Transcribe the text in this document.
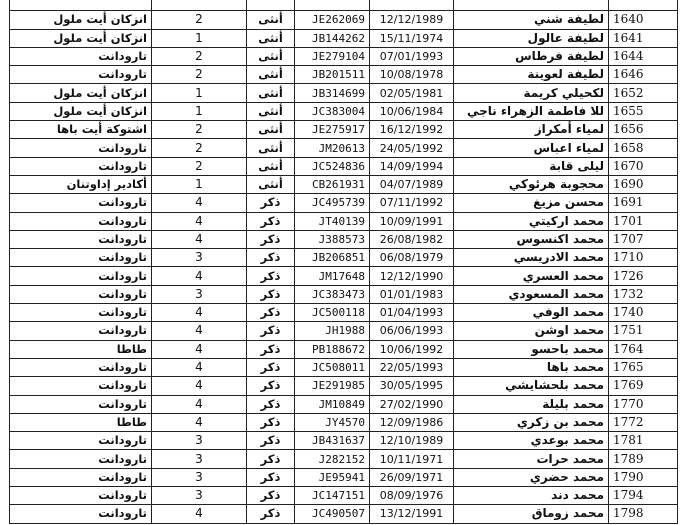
انزكان أيت ملول	2	أنثى	JE262069	12/12/1989	لطيفة شني	1640
انزكان أيت ملول	1	أنثى	JB144262	15/11/1974	لطيفة عالول	1641
تارودانت	2	أنثى	JE279104	07/01/1993	لطيفة فرطاس	1644
تارودانت	2	أنثى	JB201511	10/08/1978	لطيفة لعوينة	1646
انزكان أيت ملول	1	أنثى	JB314699	02/05/1981	لكحيلي كريمة	1652
انزكان أيت ملول	1	أنثى	JC383004	10/06/1984	للا فاطمة الزهراء ناجي	1655
اشتوكة أيت باها	2	أنثى	JE275917	16/12/1992	لمياء أمكراز	1656
تارودانت	2	أنثى	JM20613	24/05/1992	لمياء اعباس	1658
تارودانت	2	أنثى	JC524836	14/09/1994	ليلى قابة	1670
أكادير إداوتنان	1	أنثى	CB261931	04/07/1989	محجوبة هرئوكي	1690
تارودانت	4	ذكر	JC495739	07/11/1992	محسن مزيغ	1691
تارودانت	4	ذكر	JT40139	10/09/1991	محمد اركيتي	1701
تارودانت	4	ذكر	J388573	26/08/1982	محمد اكنسوس	1707
تارودانت	3	ذكر	JB206851	06/08/1979	محمد الادريسي	1710
تارودانت	4	ذكر	JM17648	12/12/1990	محمد العسري	1726
تارودانت	3	ذكر	JC383473	01/01/1983	محمد المسعودي	1732
تارودانت	4	ذكر	JC500118	01/04/1993	محمد الوفي	1740
تارودانت	4	ذكر	JH1988	06/06/1993	محمد اوشن	1751
طاطا	4	ذكر	PB188672	10/06/1992	محمد باحسو	1764
تارودانت	4	ذكر	JC508011	22/05/1993	محمد باها	1765
تارودانت	4	ذكر	JE291985	30/05/1995	محمد بلحشايشي	1769
تارودانت	4	ذكر	JM10849	27/02/1990	محمد بليلة	1770
طاطا	4	ذكر	JY4570	12/09/1986	محمد بن زكري	1772
تارودانت	3	ذكر	JB431637	12/10/1989	محمد بوعدي	1781
تارودانت	3	ذكر	J282152	10/11/1971	محمد حرات	1789
تارودانت	3	ذكر	JE95941	26/09/1971	محمد حضري	1790
تارودانت	3	ذكر	JC147151	08/09/1976	محمد دند	1794
تارودانت	4	ذكر	JC490507	13/12/1991	محمد زوماق	1798
